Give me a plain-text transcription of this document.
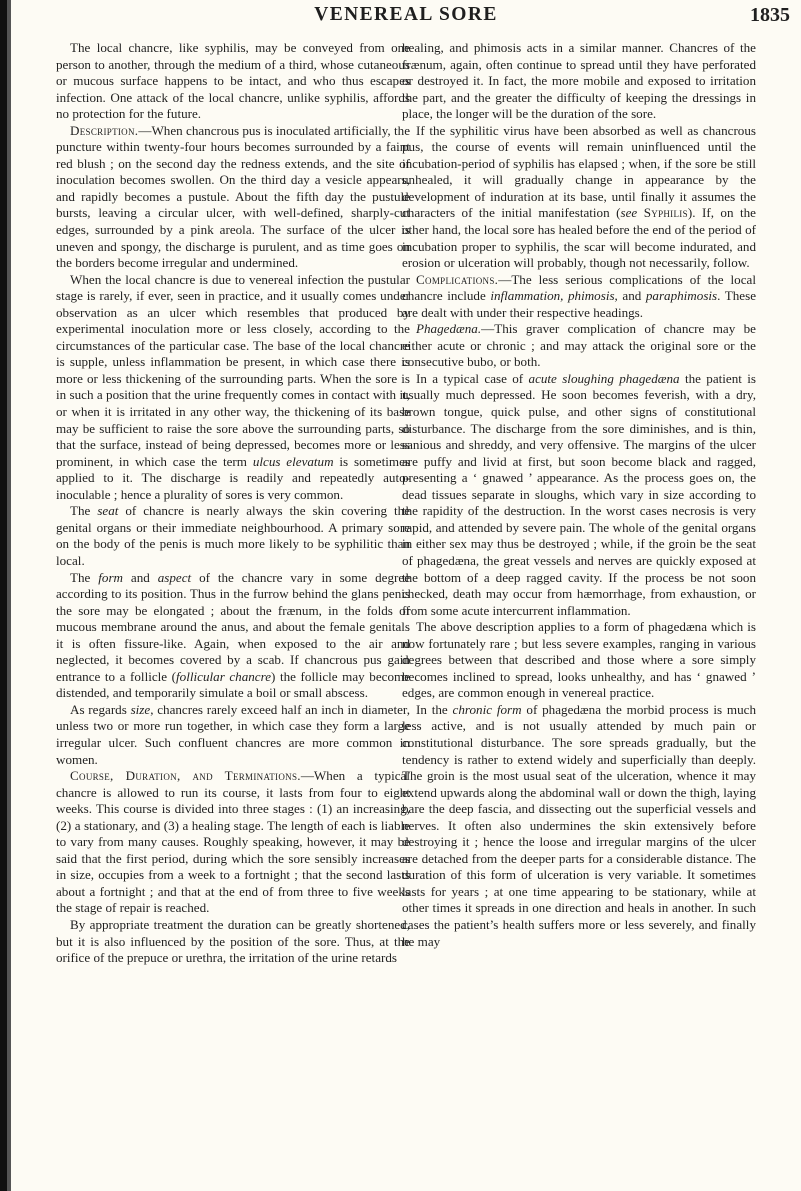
VENEREAL SORE	1835

The local chancre, like syphilis, may be conveyed from one person to another, through the medium of a third, whose cutaneous or mucous surface happens to be intact, and who thus escapes infection. One attack of the local chancre, unlike syphilis, affords no protection for the future.

Description.—When chancrous pus is inoculated artificially, the puncture within twenty-four hours becomes surrounded by a faint red blush ; on the second day the redness extends, and the site of inoculation becomes swollen. On the third day a vesicle appears, and rapidly becomes a pustule. About the fifth day the pustule bursts, leaving a circular ulcer, with well-defined, sharply-cut edges, surrounded by a pink areola. The surface of the ulcer is uneven and spongy, the discharge is purulent, and as time goes on the borders become irregular and undermined.

When the local chancre is due to venereal infection the pustular stage is rarely, if ever, seen in practice, and it usually comes under observation as an ulcer which resembles that produced by experimental inoculation more or less closely, according to the circumstances of the particular case. The base of the local chancre is supple, unless inflammation be present, in which case there is more or less thickening of the surrounding parts. When the sore is in such a position that the urine frequently comes in contact with it, or when it is irritated in any other way, the thickening of its base may be sufficient to raise the sore above the surrounding parts, so that the surface, instead of being depressed, becomes more or less prominent, in which case the term ulcus elevatum is sometimes applied to it. The discharge is readily and repeatedly auto-inoculable ; hence a plurality of sores is very common.

The seat of chancre is nearly always the skin covering the genital organs or their immediate neighbourhood. A primary sore on the body of the penis is much more likely to be syphilitic than local.

The form and aspect of the chancre vary in some degree according to its position. Thus in the furrow behind the glans penis the sore may be elongated ; about the frænum, in the folds of mucous membrane around the anus, and about the female genitals it is often fissure-like. Again, when exposed to the air and neglected, it becomes covered by a scab. If chancrous pus gain entrance to a follicle (follicular chancre) the follicle may become distended, and temporarily simulate a boil or small abscess.

As regards size, chancres rarely exceed half an inch in diameter, unless two or more run together, in which case they form a large irregular ulcer. Such confluent chancres are more common in women.

Course, Duration, and Terminations.—When a typical chancre is allowed to run its course, it lasts from four to eight weeks. This course is divided into three stages : (1) an increasing, (2) a stationary, and (3) a healing stage. The length of each is liable to vary from many causes. Roughly speaking, however, it may be said that the first period, during which the sore sensibly increases in size, occupies from a week to a fortnight ; that the second lasts about a fortnight ; and that at the end of from three to five weeks the stage of repair is reached.

By appropriate treatment the duration can be greatly shortened, but it is also influenced by the position of the sore. Thus, at the orifice of the prepuce or urethra, the irritation of the urine retards

healing, and phimosis acts in a similar manner. Chancres of the frænum, again, often continue to spread until they have perforated or destroyed it. In fact, the more mobile and exposed to irritation the part, and the greater the difficulty of keeping the dressings in place, the longer will be the duration of the sore.

If the syphilitic virus have been absorbed as well as chancrous pus, the course of events will remain uninfluenced until the incubation-period of syphilis has elapsed ; when, if the sore be still unhealed, it will gradually change in appearance by the development of induration at its base, until finally it assumes the characters of the initial manifestation (see Syphilis). If, on the other hand, the local sore has healed before the end of the period of incubation proper to syphilis, the scar will become indurated, and erosion or ulceration will probably, though not necessarily, follow.

Complications.—The less serious complications of the local chancre include inflammation, phimosis, and paraphimosis. These are dealt with under their respective headings.

Phagedæna.—This graver complication of chancre may be either acute or chronic ; and may attack the original sore or the consecutive bubo, or both.

In a typical case of acute sloughing phagedæna the patient is usually much depressed. He soon becomes feverish, with a dry, brown tongue, quick pulse, and other signs of constitutional disturbance. The discharge from the sore diminishes, and is thin, sanious and shreddy, and very offensive. The margins of the ulcer are puffy and livid at first, but soon become black and ragged, presenting a ‘ gnawed ’ appearance. As the process goes on, the dead tissues separate in sloughs, which vary in size according to the rapidity of the destruction. In the worst cases necrosis is very rapid, and attended by severe pain. The whole of the genital organs in either sex may thus be destroyed ; while, if the groin be the seat of phagedæna, the great vessels and nerves are quickly exposed at the bottom of a deep ragged cavity. If the process be not soon checked, death may occur from hæmorrhage, from exhaustion, or from some acute intercurrent inflammation.

The above description applies to a form of phagedæna which is now fortunately rare ; but less severe examples, ranging in various degrees between that described and those where a sore simply becomes inclined to spread, looks unhealthy, and has ‘ gnawed ’ edges, are common enough in venereal practice.

In the chronic form of phagedæna the morbid process is much less active, and is not usually attended by much pain or constitutional disturbance. The sore spreads gradually, but the tendency is rather to extend widely and superficially than deeply. The groin is the most usual seat of the ulceration, whence it may extend upwards along the abdominal wall or down the thigh, laying bare the deep fascia, and dissecting out the superficial vessels and nerves. It often also undermines the skin extensively before destroying it ; hence the loose and irregular margins of the ulcer are detached from the deeper parts for a considerable distance. The duration of this form of ulceration is very variable. It sometimes lasts for years ; at one time appearing to be stationary, while at other times it spreads in one direction and heals in another. In such cases the patient’s health suffers more or less severely, and finally he may
